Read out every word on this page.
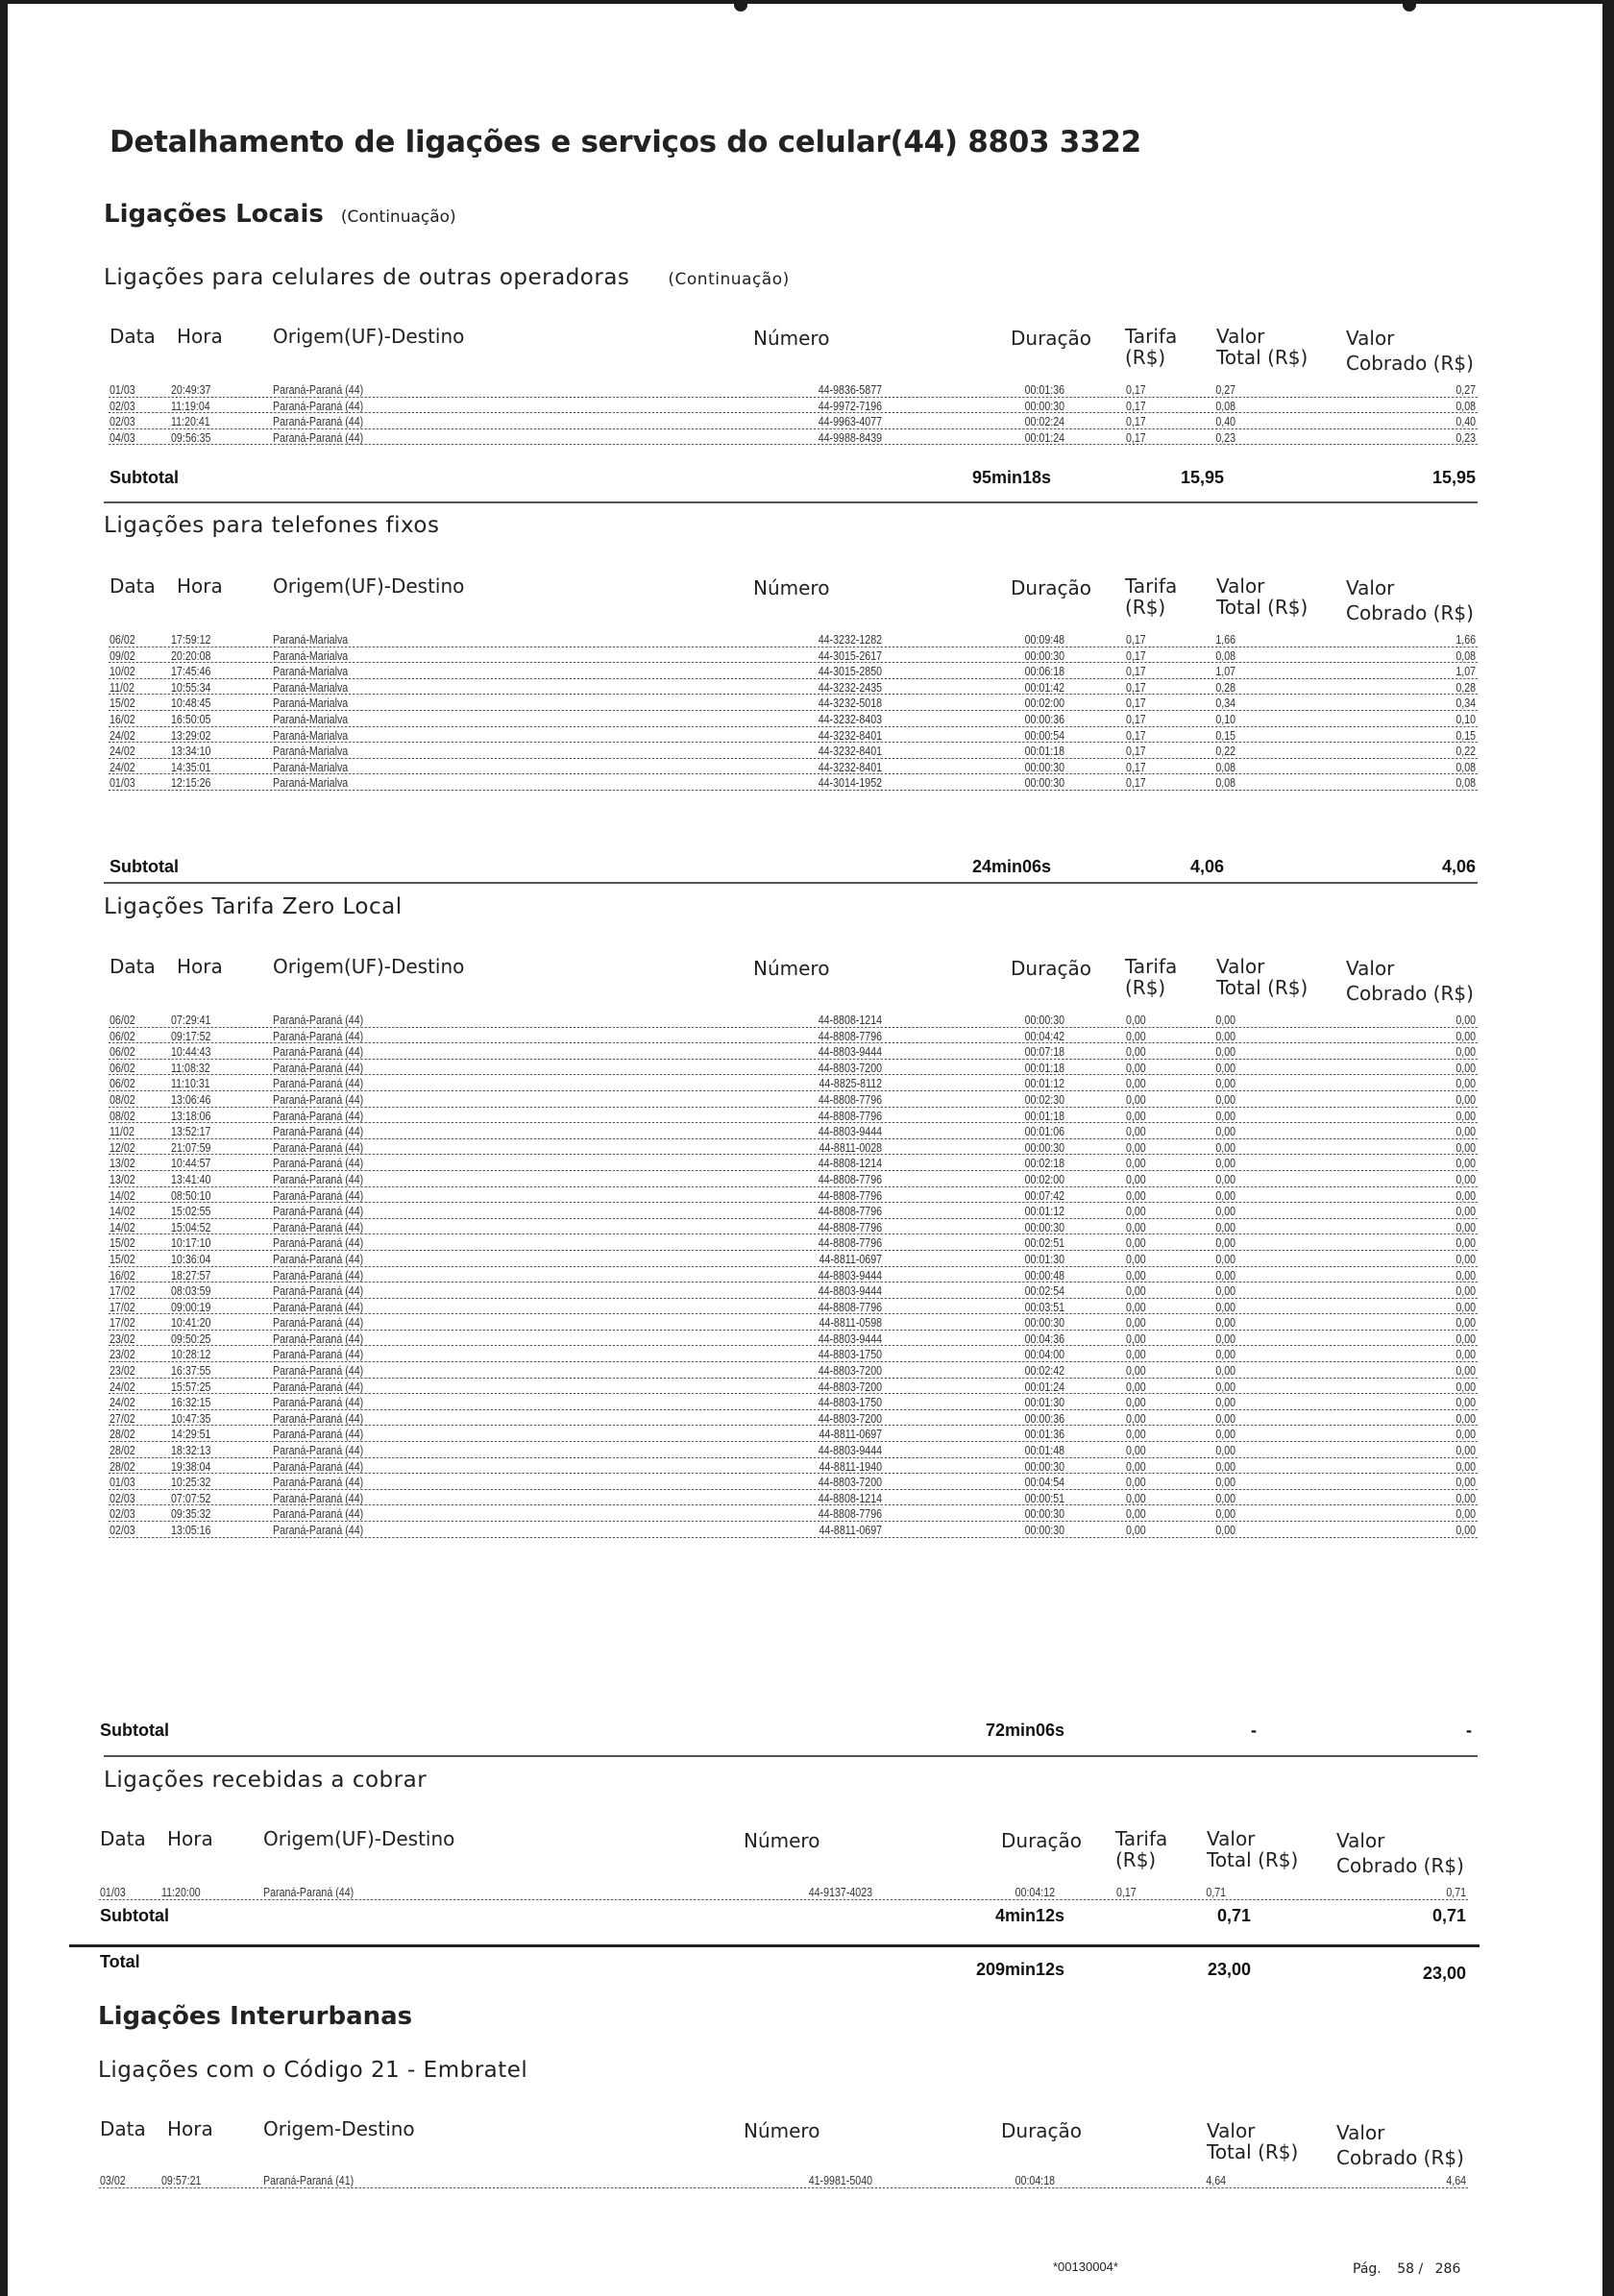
Detalhamento de ligações e serviços do celular(44) 8803 3322
Ligações Locais (Continuação)
Ligações para celulares de outras operadoras (Continuação)
Data Hora	Origem(UF)-Destino	Número	Duração Tarifa
(R$)
Valor
Total (R$)
Valor
Cobrado (R$)
01/03	20:49:37	Paraná-Paraná (44)	44-9836-5877	00:01:36	0,17	0,27	0,27
02/03	11:19:04	Paraná-Paraná (44)	44-9972-7196	00:00:30	0,17	0,08	0,08
02/03	11:20:41	Paraná-Paraná (44)	44-9963-4077	00:02:24	0,17	0,40	0,40
04/03	09:56:35	Paraná-Paraná (44)	44-9988-8439	00:01:24	0,17	0,23	0,23
Subtotal	95min18s	15,95	15,95
Ligações para telefones fixos
Data Hora	Origem(UF)-Destino	Número	Duração Tarifa
(R$)
Valor
Total (R$)
Valor
Cobrado (R$)
06/02	17:59:12	Paraná-Marialva	44-3232-1282	00:09:48	0,17	1,66	1,66
09/02	20:20:08	Paraná-Marialva	44-3015-2617	00:00:30	0,17	0,08	0,08
10/02	17:45:46	Paraná-Marialva	44-3015-2850	00:06:18	0,17	1,07	1,07
11/02	10:55:34	Paraná-Marialva	44-3232-2435	00:01:42	0,17	0,28	0,28
15/02	10:48:45	Paraná-Marialva	44-3232-5018	00:02:00	0,17	0,34	0,34
16/02	16:50:05	Paraná-Marialva	44-3232-8403	00:00:36	0,17	0,10	0,10
24/02	13:29:02	Paraná-Marialva	44-3232-8401	00:00:54	0,17	0,15	0,15
24/02	13:34:10	Paraná-Marialva	44-3232-8401	00:01:18	0,17	0,22	0,22
24/02	14:35:01	Paraná-Marialva	44-3232-8401	00:00:30	0,17	0,08	0,08
01/03	12:15:26	Paraná-Marialva	44-3014-1952	00:00:30	0,17	0,08	0,08
Subtotal	24min06s	4,06	4,06
Ligações Tarifa Zero Local
Data Hora	Origem(UF)-Destino	Número	Duração Tarifa
(R$)
Valor
Total (R$)
Valor
Cobrado (R$)
06/02	07:29:41	Paraná-Paraná (44)	44-8808-1214	00:00:30	0,00	0,00	0,00
06/02	09:17:52	Paraná-Paraná (44)	44-8808-7796	00:04:42	0,00	0,00	0,00
06/02	10:44:43	Paraná-Paraná (44)	44-8803-9444	00:07:18	0,00	0,00	0,00
06/02	11:08:32	Paraná-Paraná (44)	44-8803-7200	00:01:18	0,00	0,00	0,00
06/02	11:10:31	Paraná-Paraná (44)	44-8825-8112	00:01:12	0,00	0,00	0,00
08/02	13:06:46	Paraná-Paraná (44)	44-8808-7796	00:02:30	0,00	0,00	0,00
08/02	13:18:06	Paraná-Paraná (44)	44-8808-7796	00:01:18	0,00	0,00	0,00
11/02	13:52:17	Paraná-Paraná (44)	44-8803-9444	00:01:06	0,00	0,00	0,00
12/02	21:07:59	Paraná-Paraná (44)	44-8811-0028	00:00:30	0,00	0,00	0,00
13/02	10:44:57	Paraná-Paraná (44)	44-8808-1214	00:02:18	0,00	0,00	0,00
13/02	13:41:40	Paraná-Paraná (44)	44-8808-7796	00:02:00	0,00	0,00	0,00
14/02	08:50:10	Paraná-Paraná (44)	44-8808-7796	00:07:42	0,00	0,00	0,00
14/02	15:02:55	Paraná-Paraná (44)	44-8808-7796	00:01:12	0,00	0,00	0,00
14/02	15:04:52	Paraná-Paraná (44)	44-8808-7796	00:00:30	0,00	0,00	0,00
15/02	10:17:10	Paraná-Paraná (44)	44-8808-7796	00:02:51	0,00	0,00	0,00
15/02	10:36:04	Paraná-Paraná (44)	44-8811-0697	00:01:30	0,00	0,00	0,00
16/02	18:27:57	Paraná-Paraná (44)	44-8803-9444	00:00:48	0,00	0,00	0,00
17/02	08:03:59	Paraná-Paraná (44)	44-8803-9444	00:02:54	0,00	0,00	0,00
17/02	09:00:19	Paraná-Paraná (44)	44-8808-7796	00:03:51	0,00	0,00	0,00
17/02	10:41:20	Paraná-Paraná (44)	44-8811-0598	00:00:30	0,00	0,00	0,00
23/02	09:50:25	Paraná-Paraná (44)	44-8803-9444	00:04:36	0,00	0,00	0,00
23/02	10:28:12	Paraná-Paraná (44)	44-8803-1750	00:04:00	0,00	0,00	0,00
23/02	16:37:55	Paraná-Paraná (44)	44-8803-7200	00:02:42	0,00	0,00	0,00
24/02	15:57:25	Paraná-Paraná (44)	44-8803-7200	00:01:24	0,00	0,00	0,00
24/02	16:32:15	Paraná-Paraná (44)	44-8803-1750	00:01:30	0,00	0,00	0,00
27/02	10:47:35	Paraná-Paraná (44)	44-8803-7200	00:00:36	0,00	0,00	0,00
28/02	14:29:51	Paraná-Paraná (44)	44-8811-0697	00:01:36	0,00	0,00	0,00
28/02	18:32:13	Paraná-Paraná (44)	44-8803-9444	00:01:48	0,00	0,00	0,00
28/02	19:38:04	Paraná-Paraná (44)	44-8811-1940	00:00:30	0,00	0,00	0,00
01/03	10:25:32	Paraná-Paraná (44)	44-8803-7200	00:04:54	0,00	0,00	0,00
02/03	07:07:52	Paraná-Paraná (44)	44-8808-1214	00:00:51	0,00	0,00	0,00
02/03	09:35:32	Paraná-Paraná (44)	44-8808-7796	00:00:30	0,00	0,00	0,00
02/03	13:05:16	Paraná-Paraná (44)	44-8811-0697	00:00:30	0,00	0,00	0,00
Subtotal	72min06s	-	-
Ligações recebidas a cobrar
Data Hora	Origem(UF)-Destino	Número	Duração Tarifa
(R$)
Valor
Total (R$)
Valor
Cobrado (R$)
01/03	11:20:00	Paraná-Paraná (44)	44-9137-4023	00:04:12	0,17	0,71	0,71
Subtotal	4min12s	0,71	0,71
Total	209min12s	23,00	23,00
Ligações Interurbanas
Ligações com o Código 21 - Embratel
Data Hora	Origem-Destino	Número	Duração	Valor
Total (R$)
Valor
Cobrado (R$)
03/02	09:57:21	Paraná-Paraná (41)	41-9981-5040	00:04:18	4,64	4,64
*00130004*	Pág. 58 / 286
